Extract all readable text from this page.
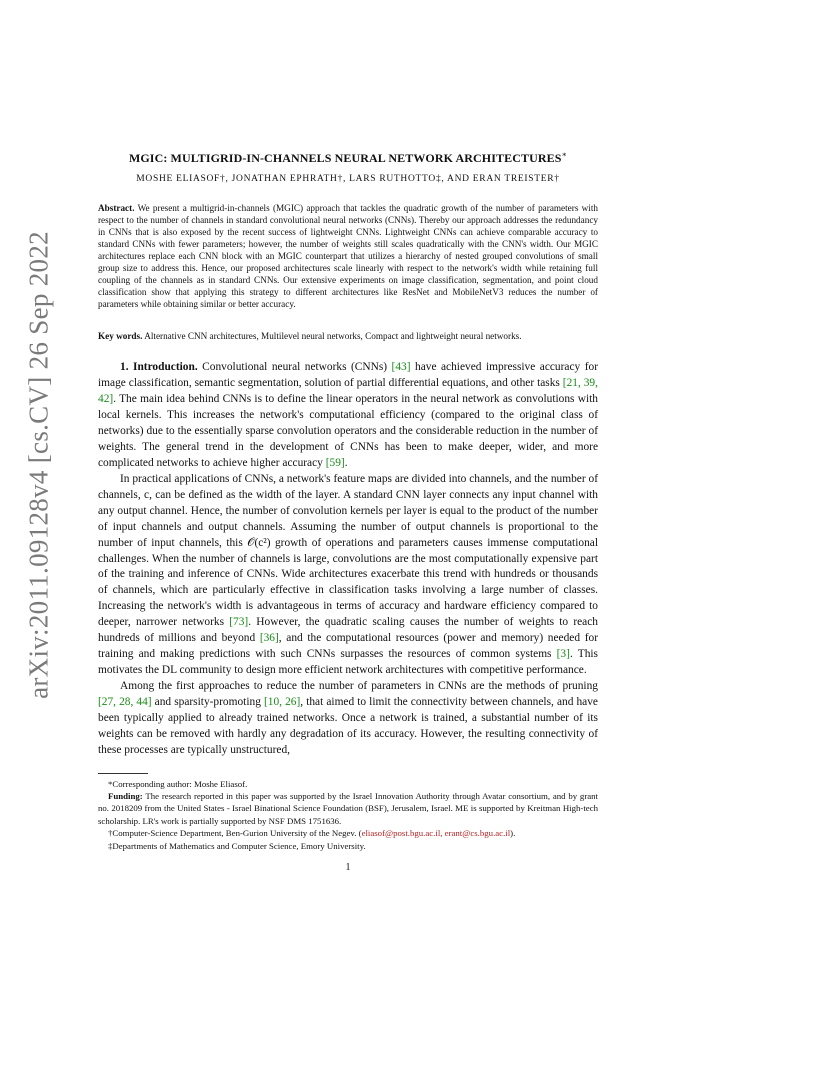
arXiv:2011.09128v4 [cs.CV] 26 Sep 2022
MGIC: MULTIGRID-IN-CHANNELS NEURAL NETWORK ARCHITECTURES∗
MOSHE ELIASOF†, JONATHAN EPHRATH†, LARS RUTHOTTO‡, AND ERAN TREISTER†
Abstract. We present a multigrid-in-channels (MGIC) approach that tackles the quadratic growth of the number of parameters with respect to the number of channels in standard convolutional neural networks (CNNs). Thereby our approach addresses the redundancy in CNNs that is also exposed by the recent success of lightweight CNNs. Lightweight CNNs can achieve comparable accuracy to standard CNNs with fewer parameters; however, the number of weights still scales quadratically with the CNN's width. Our MGIC architectures replace each CNN block with an MGIC counterpart that utilizes a hierarchy of nested grouped convolutions of small group size to address this. Hence, our proposed architectures scale linearly with respect to the network's width while retaining full coupling of the channels as in standard CNNs. Our extensive experiments on image classification, segmentation, and point cloud classification show that applying this strategy to different architectures like ResNet and MobileNetV3 reduces the number of parameters while obtaining similar or better accuracy.
Key words. Alternative CNN architectures, Multilevel neural networks, Compact and lightweight neural networks.

1. Introduction. Convolutional neural networks (CNNs) [43] have achieved impressive accuracy for image classification, semantic segmentation, solution of partial differential equations, and other tasks [21, 39, 42]. The main idea behind CNNs is to define the linear operators in the neural network as convolutions with local kernels. This increases the network's computational efficiency (compared to the original class of networks) due to the essentially sparse convolution operators and the considerable reduction in the number of weights. The general trend in the development of CNNs has been to make deeper, wider, and more complicated networks to achieve higher accuracy [59].

In practical applications of CNNs, a network's feature maps are divided into channels, and the number of channels, c, can be defined as the width of the layer. A standard CNN layer connects any input channel with any output channel. Hence, the number of convolution kernels per layer is equal to the product of the number of input channels and output channels. Assuming the number of output channels is proportional to the number of input channels, this 𝒪(c²) growth of operations and parameters causes immense computational challenges. When the number of channels is large, convolutions are the most computationally expensive part of the training and inference of CNNs. Wide architectures exacerbate this trend with hundreds or thousands of channels, which are particularly effective in classification tasks involving a large number of classes. Increasing the network's width is advantageous in terms of accuracy and hardware efficiency compared to deeper, narrower networks [73]. However, the quadratic scaling causes the number of weights to reach hundreds of millions and beyond [36], and the computational resources (power and memory) needed for training and making predictions with such CNNs surpasses the resources of common systems [3]. This motivates the DL community to design more efficient network architectures with competitive performance.

Among the first approaches to reduce the number of parameters in CNNs are the methods of pruning [27, 28, 44] and sparsity-promoting [10, 26], that aimed to limit the connectivity between channels, and have been typically applied to already trained networks. Once a network is trained, a substantial number of its weights can be removed with hardly any degradation of its accuracy. However, the resulting connectivity of these processes are typically unstructured,

*Corresponding author: Moshe Eliasof.

Funding: The research reported in this paper was supported by the Israel Innovation Authority through Avatar consortium, and by grant no. 2018209 from the United States - Israel Binational Science Foundation (BSF), Jerusalem, Israel. ME is supported by Kreitman High-tech scholarship. LR's work is partially supported by NSF DMS 1751636.

†Computer-Science Department, Ben-Gurion University of the Negev. (eliasof@post.bgu.ac.il, erant@cs.bgu.ac.il).

‡Departments of Mathematics and Computer Science, Emory University.

1
